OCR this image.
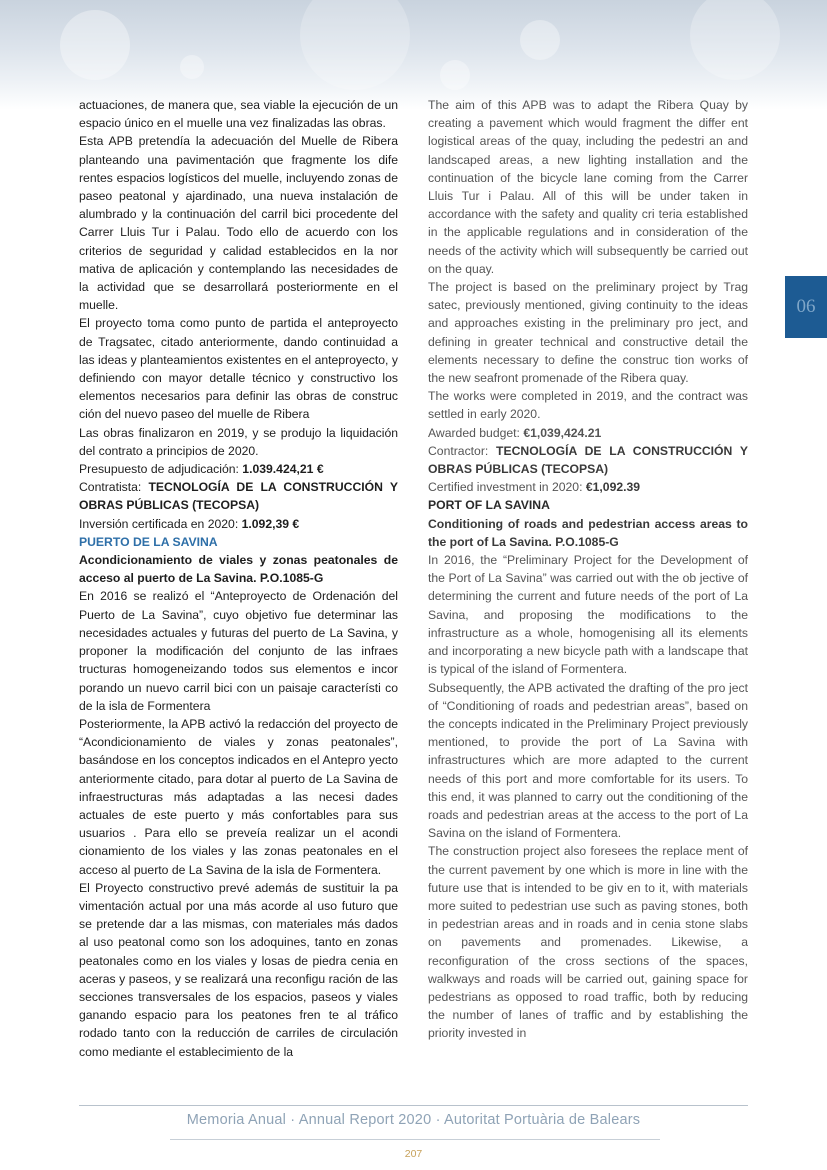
actuaciones, de manera que, sea viable la ejecución de un espacio único en el muelle una vez finalizadas las obras.

Esta APB pretendía la adecuación del Muelle de Ribera planteando una pavimentación que fragmente los dife rentes espacios logísticos del muelle, incluyendo zonas de paseo peatonal y ajardinado, una nueva instalación de alumbrado y la continuación del carril bici procedente del Carrer Lluis Tur i Palau. Todo ello de acuerdo con los criterios de seguridad y calidad establecidos en la nor mativa de aplicación y contemplando las necesidades de la actividad que se desarrollará posteriormente en el muelle.

El proyecto toma como punto de partida el anteproyecto de Tragsatec, citado anteriormente, dando continuidad a las ideas y planteamientos existentes en el anteproyecto, y definiendo con mayor detalle técnico y constructivo los elementos necesarios para definir las obras de construc ción del nuevo paseo del muelle de Ribera

Las obras finalizaron en 2019, y se produjo la liquidación del contrato a principios de 2020.

Presupuesto de adjudicación: 1.039.424,21 €

Contratista: TECNOLOGÍA DE LA CONSTRUCCIÓN Y OBRAS PÚBLICAS (TECOPSA)

Inversión certificada en 2020: 1.092,39 €

PUERTO DE LA SAVINA

Acondicionamiento de viales y zonas peatonales de acceso al puerto de La Savina. P.O.1085-G

En 2016 se realizó el “Anteproyecto de Ordenación del Puerto de La Savina”, cuyo objetivo fue determinar las necesidades actuales y futuras del puerto de La Savina, y proponer la modificación del conjunto de las infraes tructuras homogeneizando todos sus elementos e incor porando un nuevo carril bici con un paisaje característi co de la isla de Formentera

Posteriormente, la APB activó la redacción del proyecto de “Acondicionamiento de viales y zonas peatonales”, basándose en los conceptos indicados en el Antepro yecto anteriormente citado, para dotar al puerto de La Savina de infraestructuras más adaptadas a las necesi dades actuales de este puerto y más confortables para sus usuarios . Para ello se preveía realizar un el acondi cionamiento de los viales y las zonas peatonales en el acceso al puerto de La Savina de la isla de Formentera.

El Proyecto constructivo prevé además de sustituir la pa vimentación actual por una más acorde al uso futuro que se pretende dar a las mismas, con materiales más dados al uso peatonal como son los adoquines, tanto en zonas peatonales como en los viales y losas de piedra cenia en aceras y paseos, y se realizará una reconfigu ración de las secciones transversales de los espacios, paseos y viales ganando espacio para los peatones fren te al tráfico rodado tanto con la reducción de carriles de circulación como mediante el establecimiento de la

The aim of this APB was to adapt the Ribera Quay by creating a pavement which would fragment the differ ent logistical areas of the quay, including the pedestri an and landscaped areas, a new lighting installation and the continuation of the bicycle lane coming from the Carrer Lluis Tur i Palau. All of this will be under taken in accordance with the safety and quality cri teria established in the applicable regulations and in consideration of the needs of the activity which will subsequently be carried out on the quay.

The project is based on the preliminary project by Trag satec, previously mentioned, giving continuity to the ideas and approaches existing in the preliminary pro ject, and defining in greater technical and constructive detail the elements necessary to define the construc tion works of the new seafront promenade of the Ribera quay.

The works were completed in 2019, and the contract was settled in early 2020.

Awarded budget: €1,039,424.21

Contractor: TECNOLOGÍA DE LA CONSTRUCCIÓN Y OBRAS PÚBLICAS (TECOPSA)

Certified investment in 2020: €1,092.39

PORT OF LA SAVINA

Conditioning of roads and pedestrian access areas to the port of La Savina. P.O.1085-G

In 2016, the “Preliminary Project for the Development of the Port of La Savina” was carried out with the ob jective of determining the current and future needs of the port of La Savina, and proposing the modifications to the infrastructure as a whole, homogenising all its elements and incorporating a new bicycle path with a landscape that is typical of the island of Formentera.

Subsequently, the APB activated the drafting of the pro ject of “Conditioning of roads and pedestrian areas”, based on the concepts indicated in the Preliminary Project previously mentioned, to provide the port of La Savina with infrastructures which are more adapted to the current needs of this port and more comfortable for its users. To this end, it was planned to carry out the conditioning of the roads and pedestrian areas at the access to the port of La Savina on the island of Formentera.

The construction project also foresees the replace ment of the current pavement by one which is more in line with the future use that is intended to be giv en to it, with materials more suited to pedestrian use such as paving stones, both in pedestrian areas and in roads and in cenia stone slabs on pavements and promenades. Likewise, a reconfiguration of the cross sections of the spaces, walkways and roads will be carried out, gaining space for pedestrians as opposed to road traffic, both by reducing the number of lanes of traffic and by establishing the priority invested in

06
Memoria Anual · Annual Report 2020 · Autoritat Portuària de Balears
207
